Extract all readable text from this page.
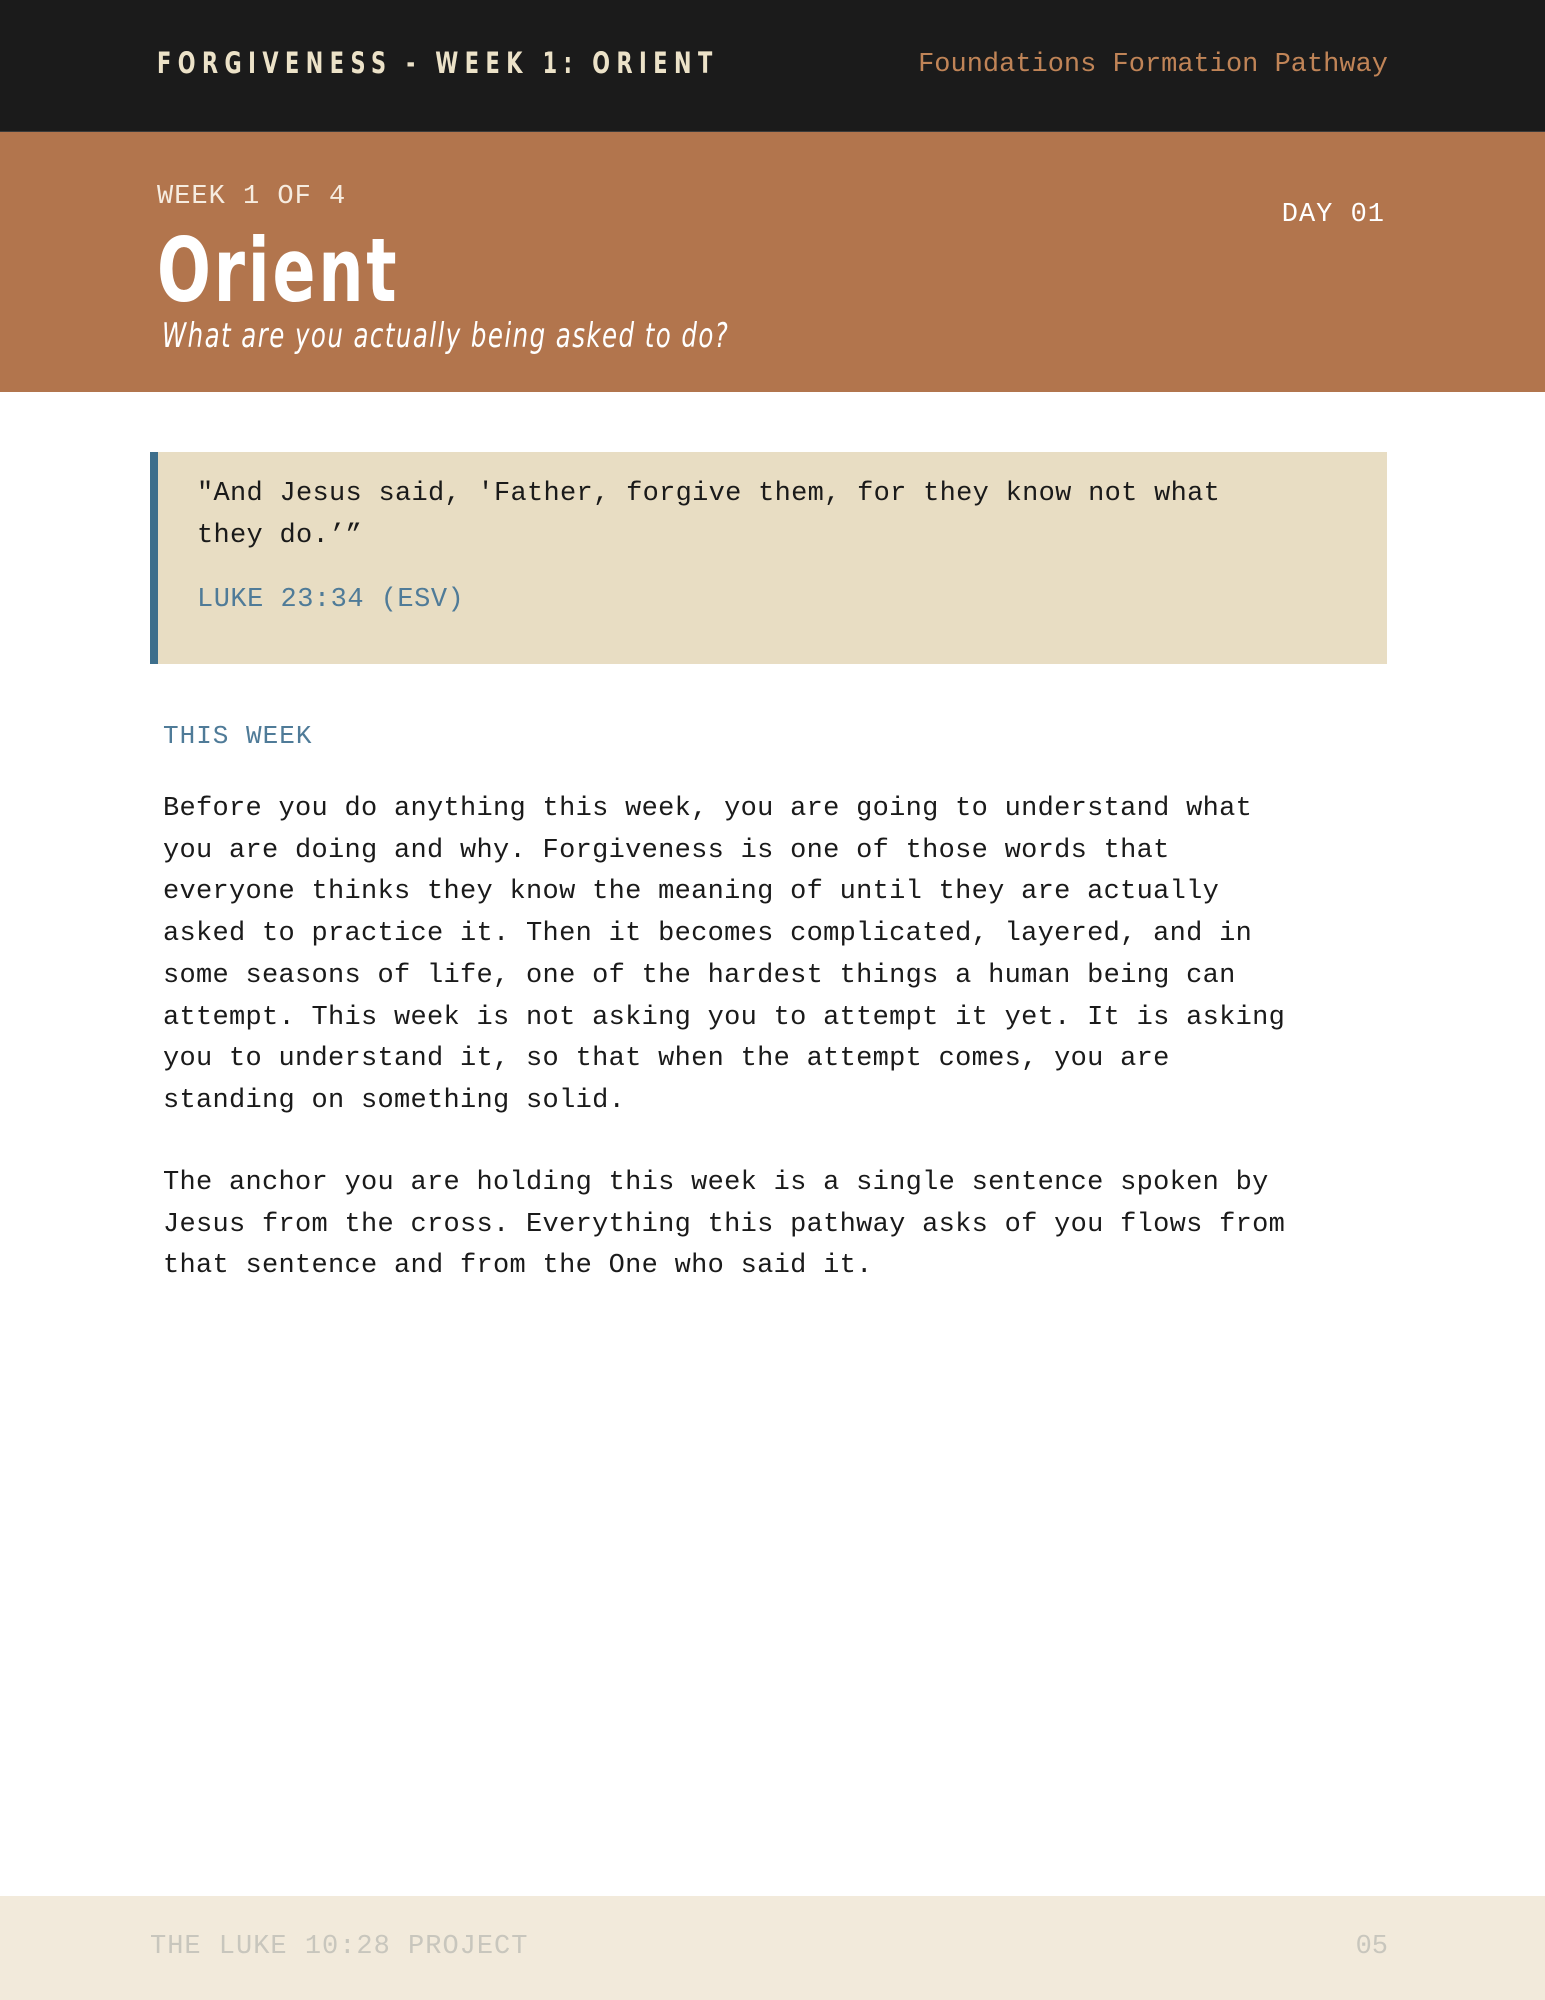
FORGIVENESS - WEEK 1: ORIENT	Foundations Formation Pathway
WEEK 1 OF 4
DAY 01
Orient
What are you actually being asked to do?
"And Jesus said, 'Father, forgive them, for they know not what they do.’”
LUKE 23:34 (ESV)
THIS WEEK

Before you do anything this week, you are going to understand what you are doing and why. Forgiveness is one of those words that everyone thinks they know the meaning of until they are actually asked to practice it. Then it becomes complicated, layered, and in some seasons of life, one of the hardest things a human being can attempt. This week is not asking you to attempt it yet. It is asking you to understand it, so that when the attempt comes, you are standing on something solid.

The anchor you are holding this week is a single sentence spoken by Jesus from the cross. Everything this pathway asks of you flows from that sentence and from the One who said it.

THE LUKE 10:28 PROJECT	05
